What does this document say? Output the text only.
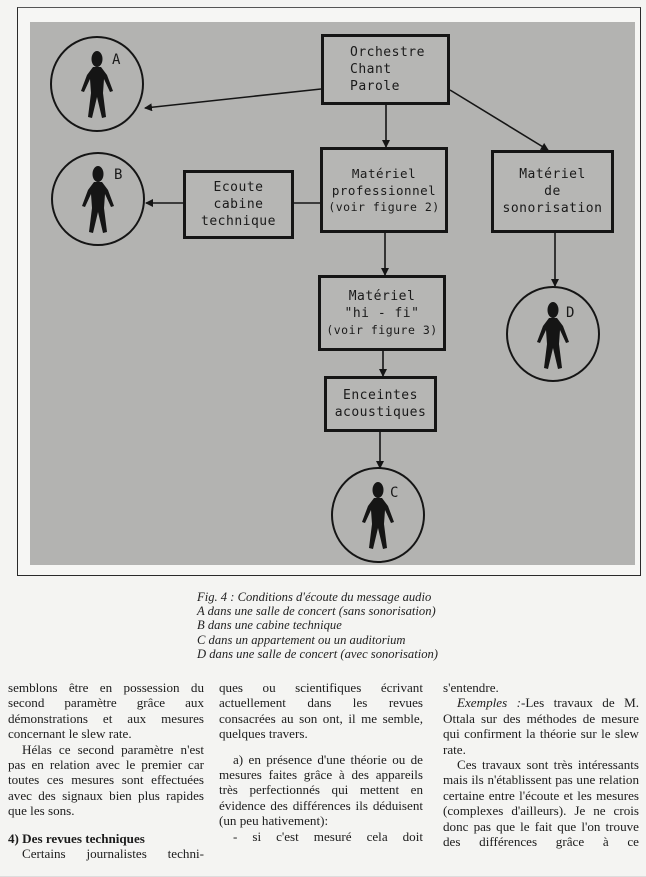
A
B
D
C
Orchestre
Chant
Parole
Matériel
professionnel
(voir figure 2)
Ecoute
cabine
technique
Matériel
de
sonorisation
Matériel
"hi - fi"
(voir figure 3)
Enceintes
acoustiques
Fig. 4 : Conditions d'écoute du message audio
A dans une salle de concert (sans sonorisation)
B dans une cabine technique
C dans un appartement ou un auditorium
D dans une salle de concert (avec sonorisation)

semblons être en possession du second paramètre grâce aux démonstrations et aux mesures concernant le slew rate.

Hélas ce second paramètre n'est pas en relation avec le premier car toutes ces mesures sont effectuées avec des signaux bien plus rapides que les sons.

4) Des revues techniques

Certains journalistes techni-

ques ou scientifiques écrivant actuellement dans les revues consacrées au son ont, il me semble, quelques travers.

a) en présence d'une théorie ou de mesures faites grâce à des appareils très perfectionnés qui mettent en évidence des différences ils déduisent (un peu hativement):

- si c'est mesuré cela doit

s'entendre.

Exemples :-Les travaux de M. Ottala sur des méthodes de mesure qui confirment la théorie sur le slew rate.

Ces travaux sont très intéressants mais ils n'établissent pas une relation certaine entre l'écoute et les mesures (complexes d'ailleurs). Je ne crois donc pas que le fait que l'on trouve des différences grâce à ce
